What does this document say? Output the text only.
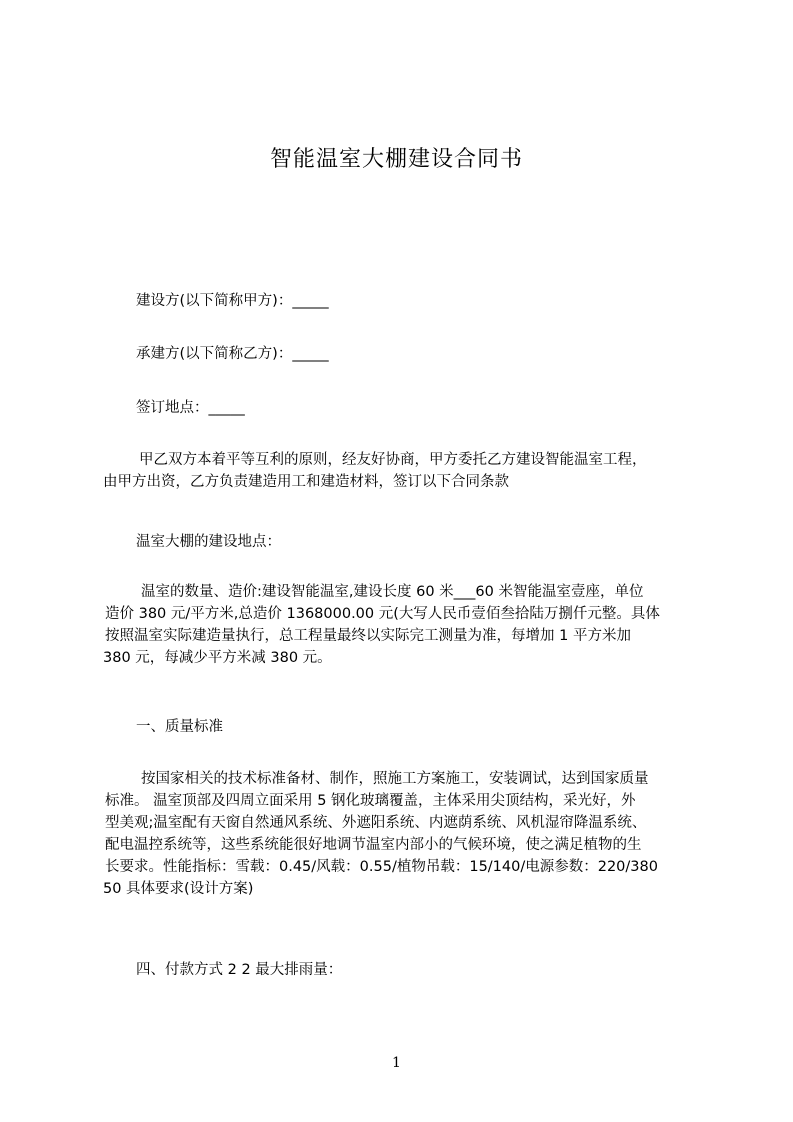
智能温室大棚建设合同书
建设方(以下简称甲方)：_____
承建方(以下简称乙方)：_____
签订地点：_____
甲乙双方本着平等互利的原则，经友好协商，甲方委托乙方建设智能温室工程，
由甲方出资，乙方负责建造用工和建造材料，签订以下合同条款
温室大棚的建设地点：
温室的数量、造价:建设智能温室,建设长度 60 米___60 米智能温室壹座，单位
造价 380 元/平方米,总造价 1368000.00 元(大写人民币壹佰叁拾陆万捌仟元整。具体
按照温室实际建造量执行，总工程量最终以实际完工测量为准，每增加 1 平方米加
380 元，每减少平方米减 380 元。
一、质量标准
按国家相关的技术标准备材、制作，照施工方案施工，安装调试，达到国家质量
标准。 温室顶部及四周立面采用 5 钢化玻璃覆盖，主体采用尖顶结构，采光好，外
型美观;温室配有天窗自然通风系统、外遮阳系统、内遮荫系统、风机湿帘降温系统、
配电温控系统等，这些系统能很好地调节温室内部小的气候环境，使之满足植物的生
长要求。性能指标：雪载：0.45/风载：0.55/植物吊载：15/140/电源参数：220/380
50 具体要求(设计方案)
四、付款方式 2 2 最大排雨量：
1
